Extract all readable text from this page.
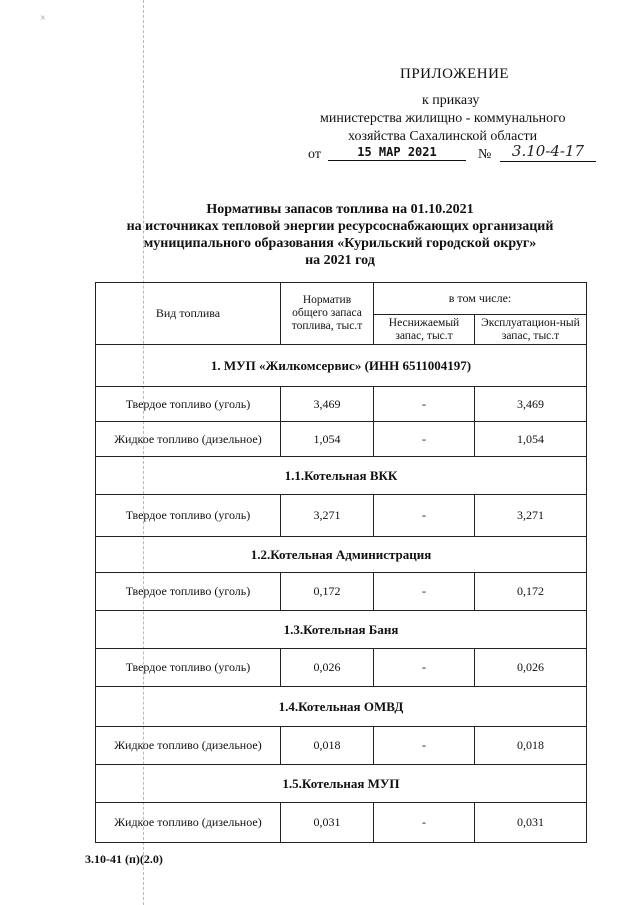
×
ПРИЛОЖЕНИЕ
к приказу
министерства жилищно - коммунального
хозяйства Сахалинской области
от	15 МАР 2021	№	3.10-4-17
Нормативы запасов топлива на 01.10.2021
на источниках тепловой энергии ресурсоснабжающих организаций
муниципального образования «Курильский городской округ»
на 2021 год
Вид топлива	Норматив общего запаса топлива, тыс.т	в том числе:	
		Неснижаемый запас, тыс.т	Эксплуатацион-ный запас, тыс.т
1. МУП «Жилкомсервис» (ИНН 6511004197)			
Твердое топливо (уголь)	3,469	-	3,469
Жидкое топливо (дизельное)	1,054	-	1,054
1.1.Котельная ВКК			
Твердое топливо (уголь)	3,271	-	3,271
1.2.Котельная Администрация			
Твердое топливо (уголь)	0,172	-	0,172
1.3.Котельная Баня			
Твердое топливо (уголь)	0,026	-	0,026
1.4.Котельная ОМВД			
Жидкое топливо (дизельное)	0,018	-	0,018
1.5.Котельная МУП			
Жидкое топливо (дизельное)	0,031	-	0,031
3.10-41 (п)(2.0)
